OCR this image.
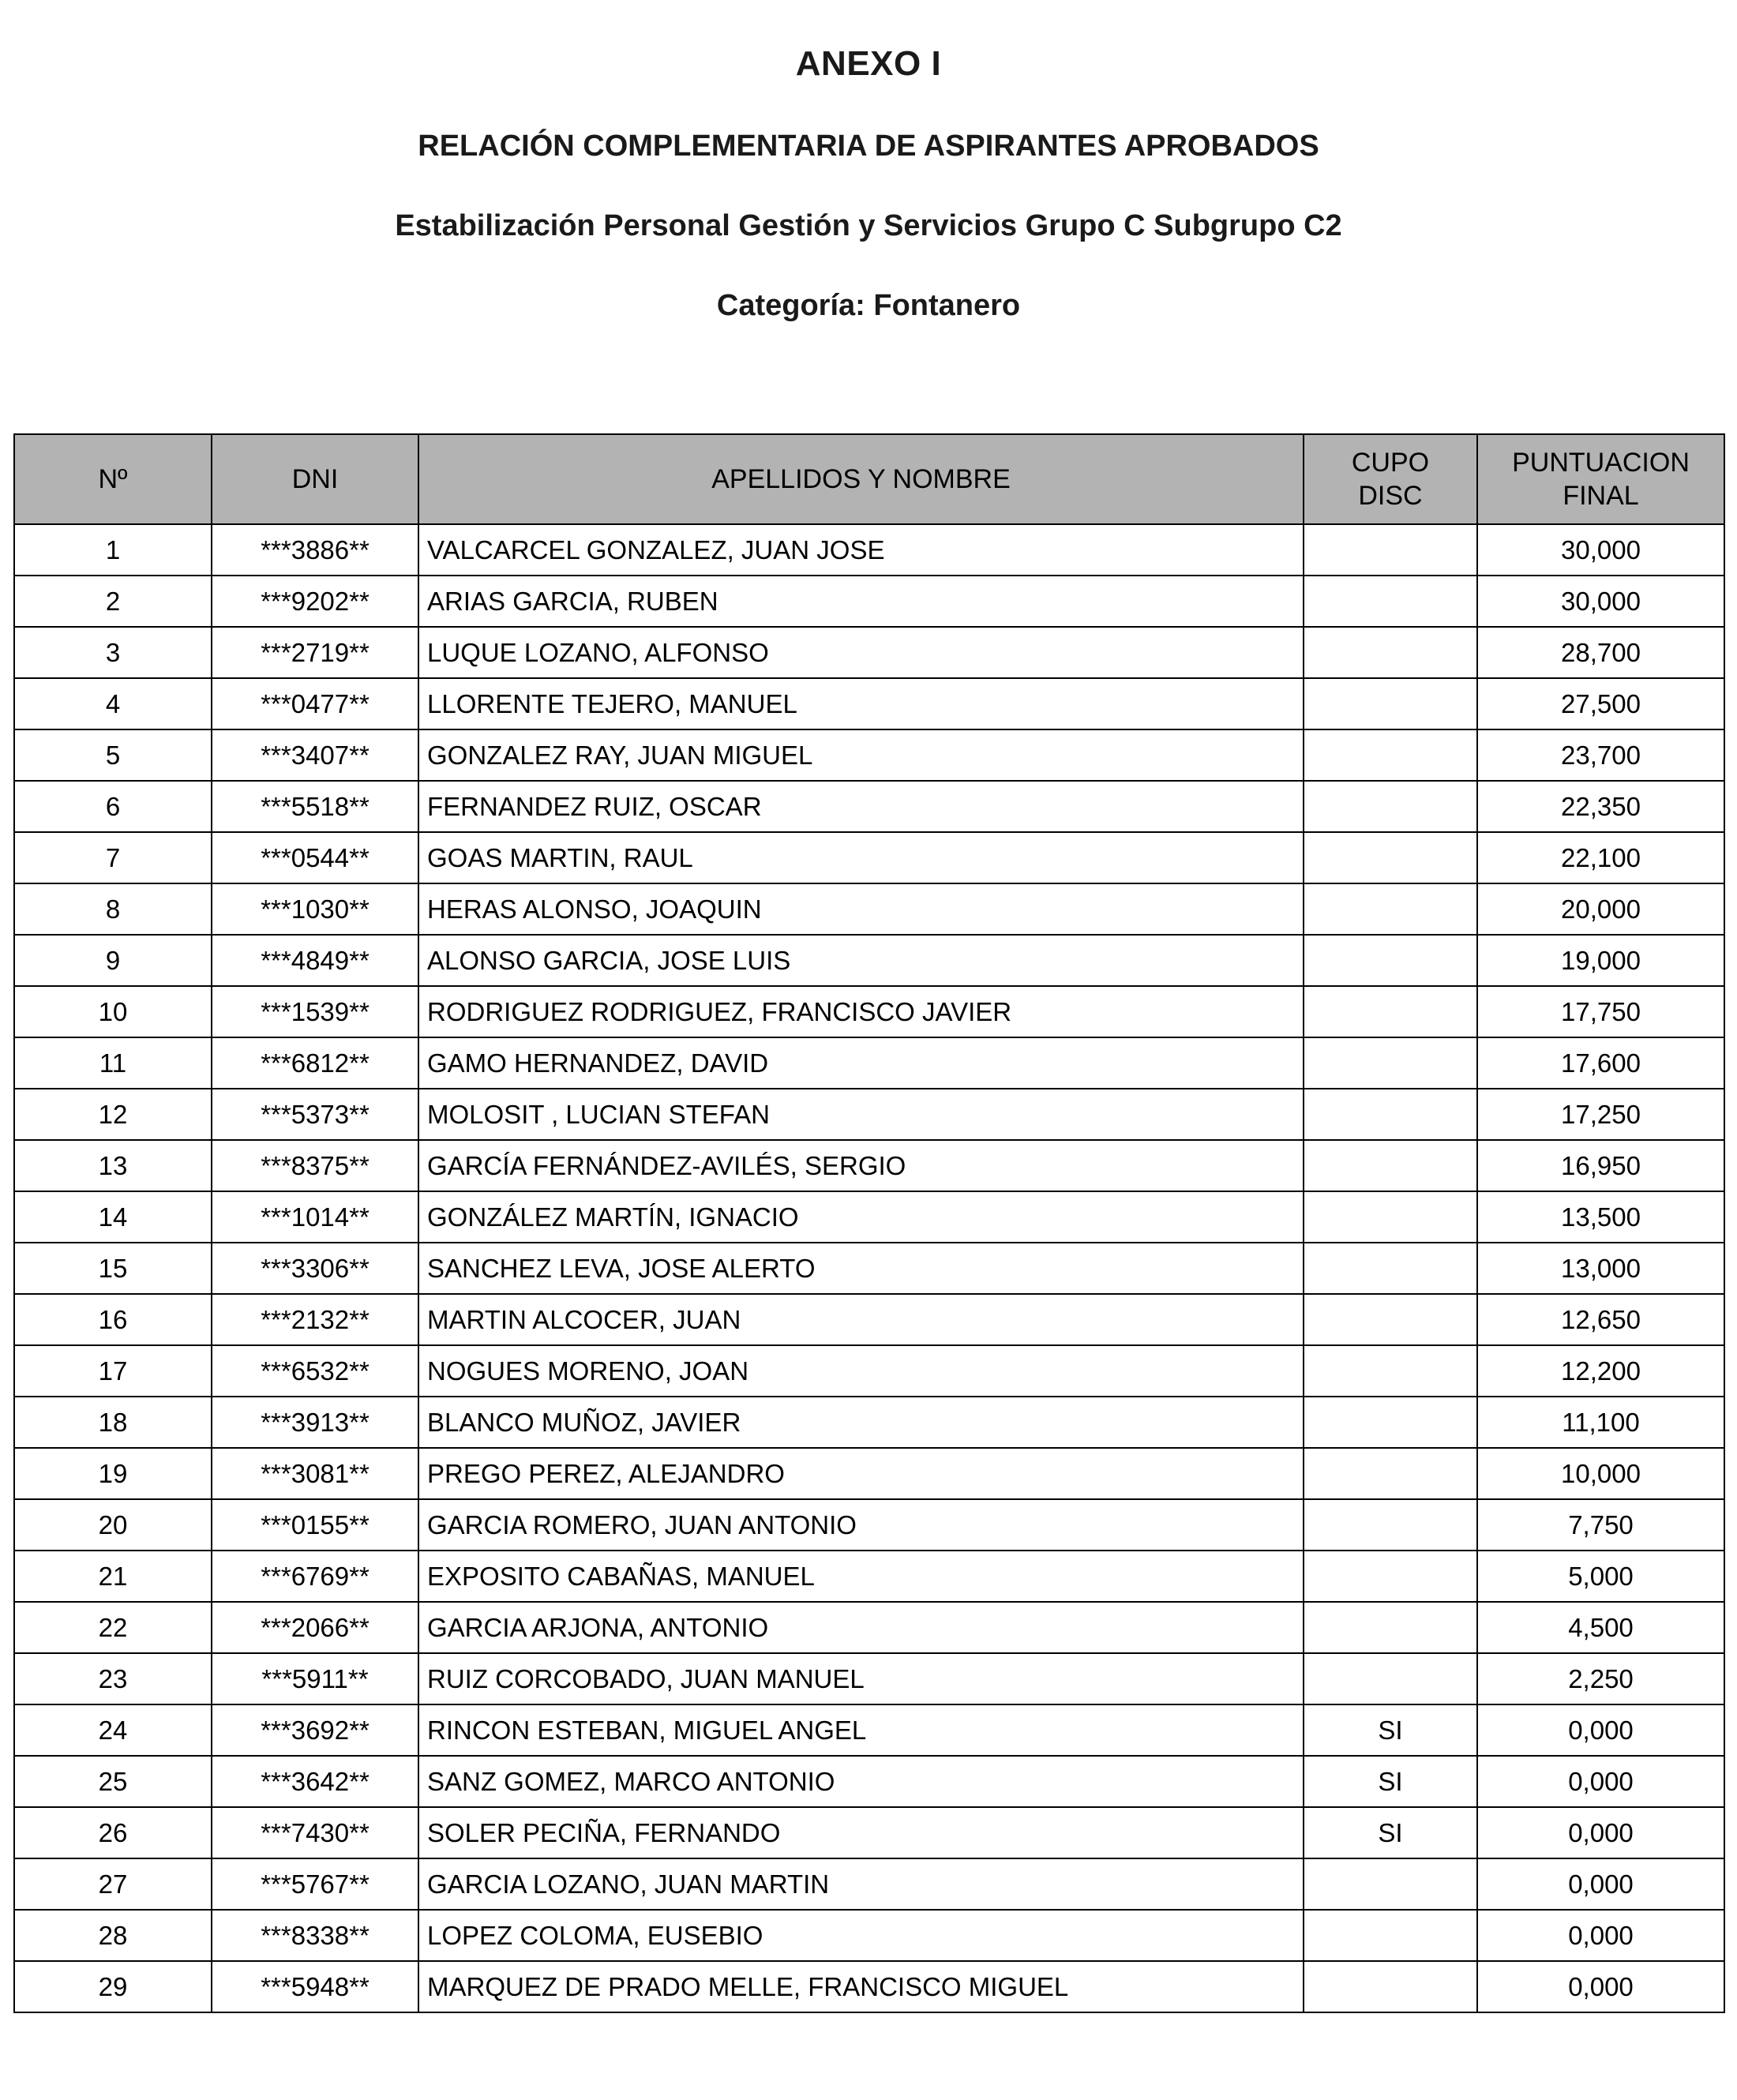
ANEXO I
RELACIÓN COMPLEMENTARIA DE ASPIRANTES APROBADOS
Estabilización Personal Gestión y Servicios Grupo C Subgrupo C2
Categoría: Fontanero
Nº	DNI	APELLIDOS Y NOMBRE	CUPO DISC	PUNTUACION FINAL
1	***3886**	VALCARCEL GONZALEZ, JUAN JOSE		30,000
2	***9202**	ARIAS GARCIA, RUBEN		30,000
3	***2719**	LUQUE LOZANO, ALFONSO		28,700
4	***0477**	LLORENTE TEJERO, MANUEL		27,500
5	***3407**	GONZALEZ RAY, JUAN MIGUEL		23,700
6	***5518**	FERNANDEZ RUIZ, OSCAR		22,350
7	***0544**	GOAS MARTIN, RAUL		22,100
8	***1030**	HERAS ALONSO, JOAQUIN		20,000
9	***4849**	ALONSO GARCIA, JOSE LUIS		19,000
10	***1539**	RODRIGUEZ RODRIGUEZ, FRANCISCO JAVIER		17,750
11	***6812**	GAMO HERNANDEZ, DAVID		17,600
12	***5373**	MOLOSIT , LUCIAN STEFAN		17,250
13	***8375**	GARCÍA FERNÁNDEZ-AVILÉS, SERGIO		16,950
14	***1014**	GONZÁLEZ MARTÍN, IGNACIO		13,500
15	***3306**	SANCHEZ LEVA, JOSE ALERTO		13,000
16	***2132**	MARTIN ALCOCER, JUAN		12,650
17	***6532**	NOGUES MORENO, JOAN		12,200
18	***3913**	BLANCO MUÑOZ, JAVIER		11,100
19	***3081**	PREGO PEREZ, ALEJANDRO		10,000
20	***0155**	GARCIA ROMERO, JUAN ANTONIO		7,750
21	***6769**	EXPOSITO CABAÑAS, MANUEL		5,000
22	***2066**	GARCIA ARJONA, ANTONIO		4,500
23	***5911**	RUIZ CORCOBADO, JUAN MANUEL		2,250
24	***3692**	RINCON ESTEBAN, MIGUEL ANGEL	SI	0,000
25	***3642**	SANZ GOMEZ, MARCO ANTONIO	SI	0,000
26	***7430**	SOLER PECIÑA, FERNANDO	SI	0,000
27	***5767**	GARCIA LOZANO, JUAN MARTIN		0,000
28	***8338**	LOPEZ COLOMA, EUSEBIO		0,000
29	***5948**	MARQUEZ DE PRADO MELLE, FRANCISCO MIGUEL		0,000
